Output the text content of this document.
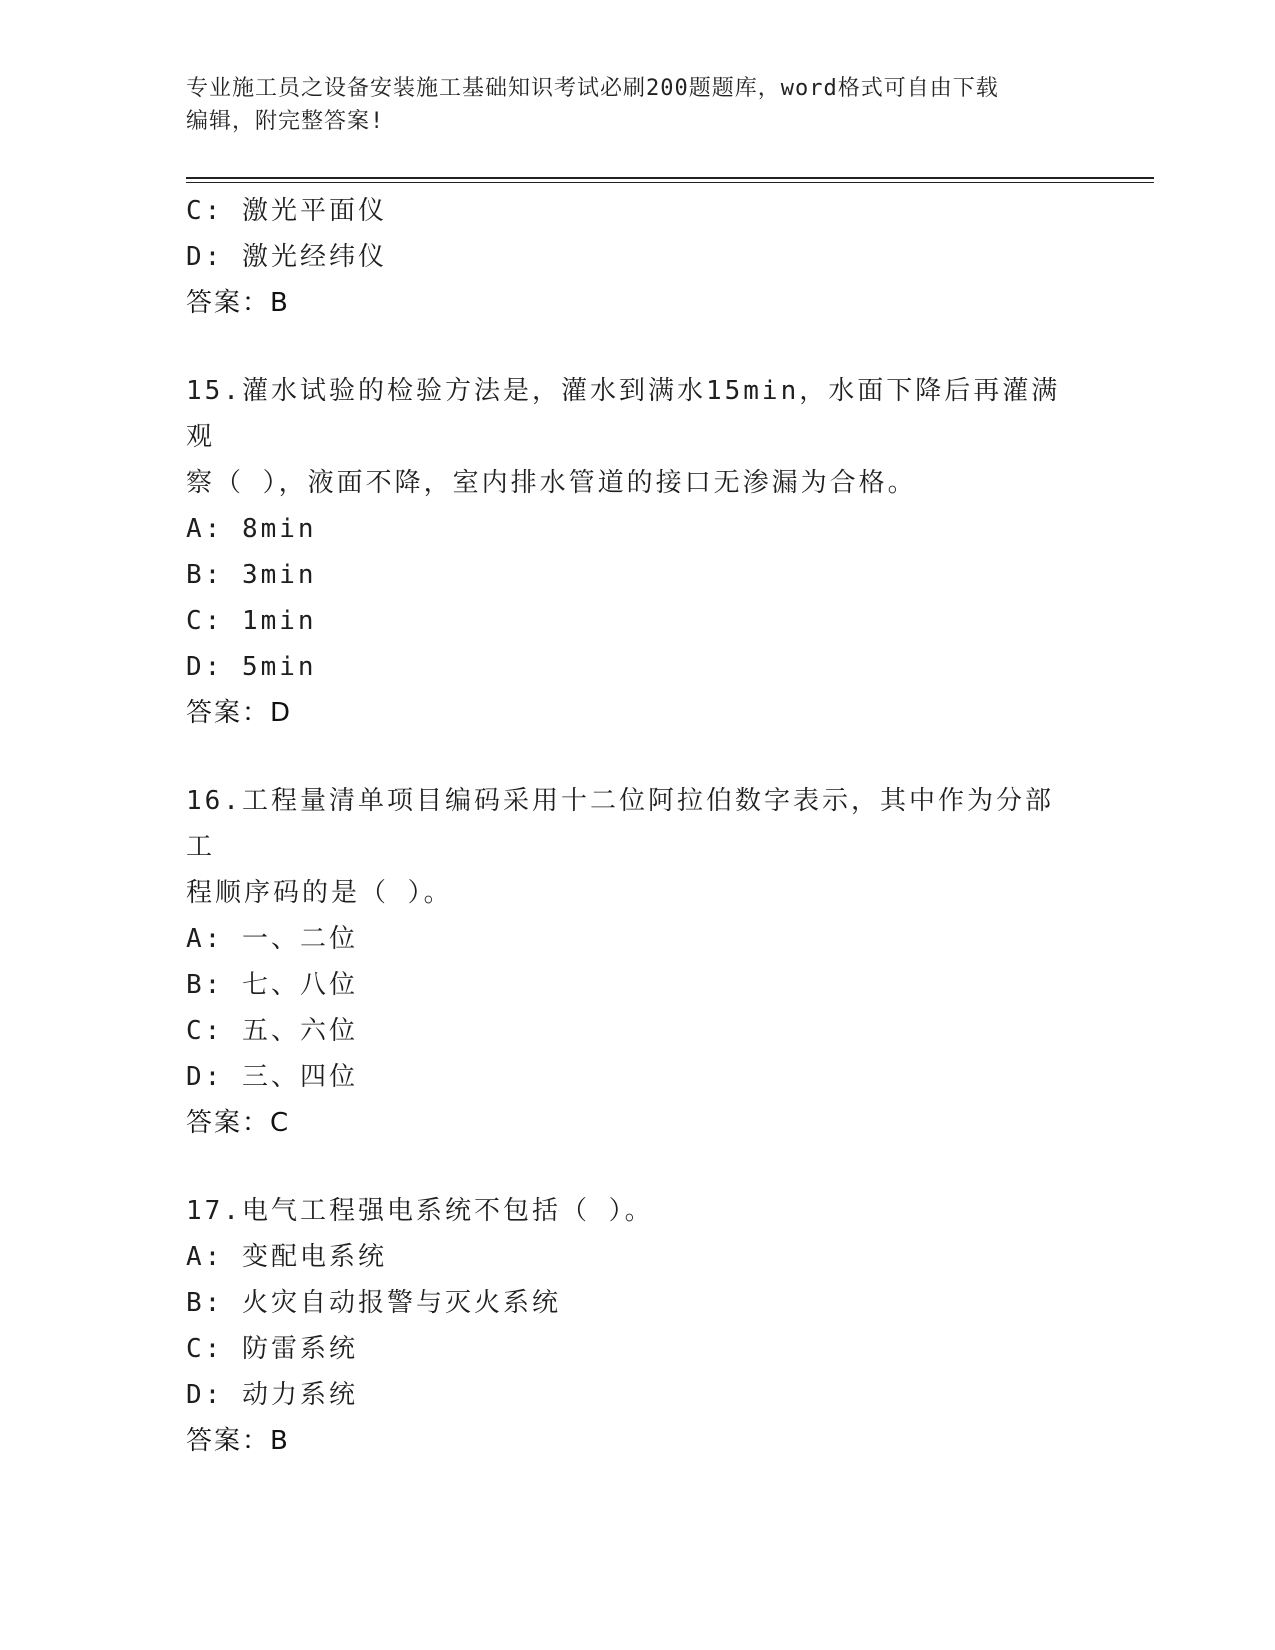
专业施工员之设备安装施工基础知识考试必刷200题题库，word格式可自由下载
编辑，附完整答案!
C: 激光平面仪
D: 激光经纬仪
答案：B
15.灌水试验的检验方法是，灌水到满水15min，水面下降后再灌满观
察（ ），液面不降，室内排水管道的接口无渗漏为合格。
A: 8min
B: 3min
C: 1min
D: 5min
答案：D
16.工程量清单项目编码采用十二位阿拉伯数字表示，其中作为分部工
程顺序码的是（ ）。
A: 一、二位
B: 七、八位
C: 五、六位
D: 三、四位
答案：C
17.电气工程强电系统不包括（ ）。
A: 变配电系统
B: 火灾自动报警与灭火系统
C: 防雷系统
D: 动力系统
答案：B
